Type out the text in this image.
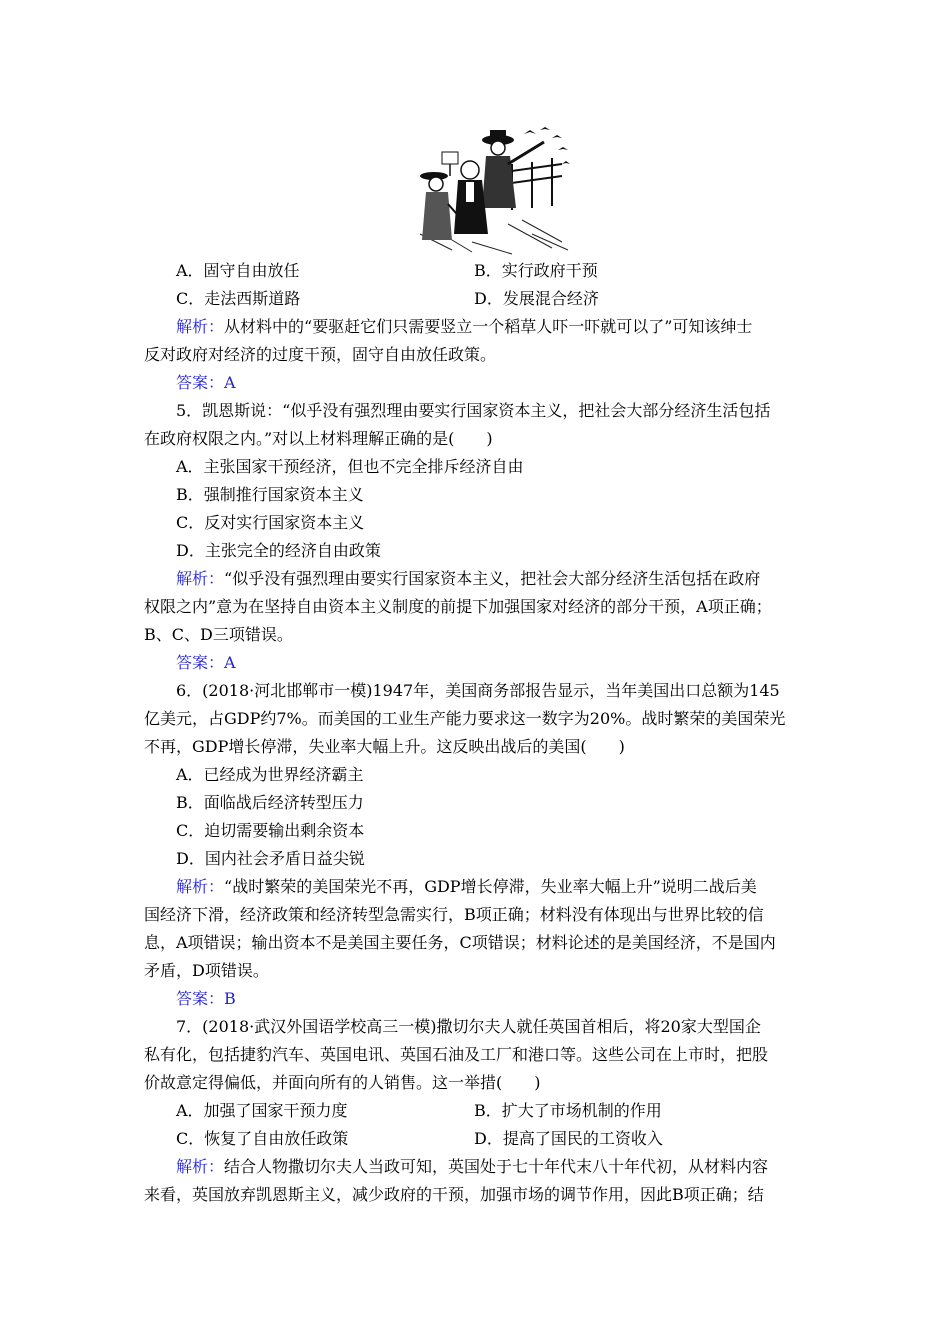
A．固守自由放任	B．实行政府干预
C．走法西斯道路	D．发展混合经济
解析：从材料中的“要驱赶它们只需要竖立一个稻草人吓一吓就可以了”可知该绅士
反对政府对经济的过度干预，固守自由放任政策。
答案：A
5．凯恩斯说：“似乎没有强烈理由要实行国家资本主义，把社会大部分经济生活包括
在政府权限之内。”对以上材料理解正确的是(　　)
A．主张国家干预经济，但也不完全排斥经济自由
B．强制推行国家资本主义
C．反对实行国家资本主义
D．主张完全的经济自由政策
解析：“似乎没有强烈理由要实行国家资本主义，把社会大部分经济生活包括在政府
权限之内”意为在坚持自由资本主义制度的前提下加强国家对经济的部分干预，A项正确；
B、C、D三项错误。
答案：A
6．(2018·河北邯郸市一模)1947年，美国商务部报告显示，当年美国出口总额为145
亿美元，占GDP约7%。而美国的工业生产能力要求这一数字为20%。战时繁荣的美国荣光
不再，GDP增长停滞，失业率大幅上升。这反映出战后的美国(　　)
A．已经成为世界经济霸主
B．面临战后经济转型压力
C．迫切需要输出剩余资本
D．国内社会矛盾日益尖锐
解析：“战时繁荣的美国荣光不再，GDP增长停滞，失业率大幅上升”说明二战后美
国经济下滑，经济政策和经济转型急需实行，B项正确；材料没有体现出与世界比较的信
息，A项错误；输出资本不是美国主要任务，C项错误；材料论述的是美国经济，不是国内
矛盾，D项错误。
答案：B
7．(2018·武汉外国语学校高三一模)撒切尔夫人就任英国首相后，将20家大型国企
私有化，包括捷豹汽车、英国电讯、英国石油及工厂和港口等。这些公司在上市时，把股
价故意定得偏低，并面向所有的人销售。这一举措(　　)
A．加强了国家干预力度	B．扩大了市场机制的作用
C．恢复了自由放任政策	D．提高了国民的工资收入
解析：结合人物撒切尔夫人当政可知，英国处于七十年代末八十年代初，从材料内容
来看，英国放弃凯恩斯主义，减少政府的干预，加强市场的调节作用，因此B项正确；结
